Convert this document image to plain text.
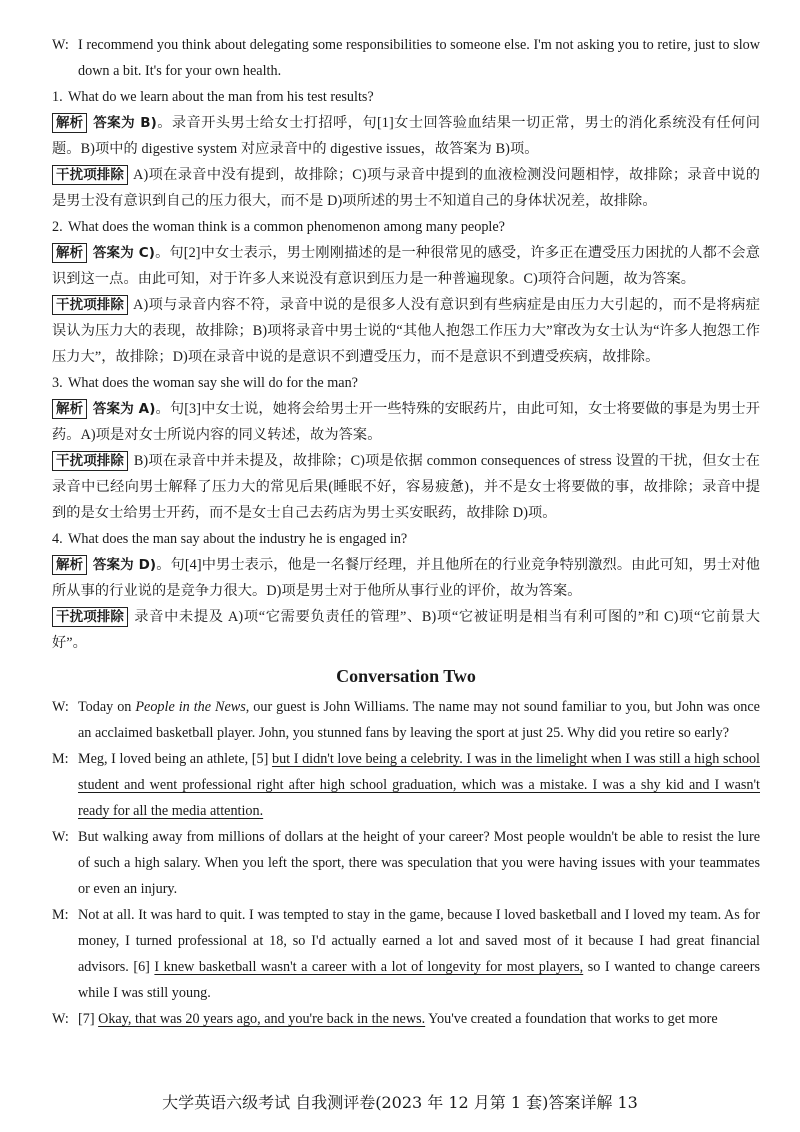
W: I recommend you think about delegating some responsibilities to someone else. I'm not asking you to retire, just to slow down a bit. It's for your own health.

1. What do we learn about the man from his test results?

解析 答案为 B)。录音开头男士给女士打招呼，句[1]女士回答验血结果一切正常，男士的消化系统没有任何问题。B)项中的 digestive system 对应录音中的 digestive issues，故答案为 B)项。

干扰项排除 A)项在录音中没有提到，故排除；C)项与录音中提到的血液检测没问题相悖，故排除；录音中说的是男士没有意识到自己的压力很大，而不是 D)项所述的男士不知道自己的身体状况差，故排除。

2. What does the woman think is a common phenomenon among many people?

解析 答案为 C)。句[2]中女士表示，男士刚刚描述的是一种很常见的感受，许多正在遭受压力困扰的人都不会意识到这一点。由此可知，对于许多人来说没有意识到压力是一种普遍现象。C)项符合问题，故为答案。

干扰项排除 A)项与录音内容不符，录音中说的是很多人没有意识到有些病症是由压力大引起的，而不是将病症误认为压力大的表现，故排除；B)项将录音中男士说的“其他人抱怨工作压力大”窜改为女士认为“许多人抱怨工作压力大”，故排除；D)项在录音中说的是意识不到遭受压力，而不是意识不到遭受疾病，故排除。

3. What does the woman say she will do for the man?

解析 答案为 A)。句[3]中女士说，她将会给男士开一些特殊的安眠药片，由此可知，女士将要做的事是为男士开药。A)项是对女士所说内容的同义转述，故为答案。

干扰项排除 B)项在录音中并未提及，故排除；C)项是依据 common consequences of stress 设置的干扰，但女士在录音中已经向男士解释了压力大的常见后果(睡眠不好，容易疲惫)，并不是女士将要做的事，故排除；录音中提到的是女士给男士开药，而不是女士自己去药店为男士买安眠药，故排除 D)项。

4. What does the man say about the industry he is engaged in?

解析 答案为 D)。句[4]中男士表示，他是一名餐厅经理，并且他所在的行业竞争特别激烈。由此可知，男士对他所从事的行业说的是竞争力很大。D)项是男士对于他所从事行业的评价，故为答案。

干扰项排除 录音中未提及 A)项“它需要负责任的管理”、B)项“它被证明是相当有利可图的”和 C)项“它前景大好”。

Conversation Two

W: Today on People in the News, our guest is John Williams. The name may not sound familiar to you, but John was once an acclaimed basketball player. John, you stunned fans by leaving the sport at just 25. Why did you retire so early?

M: Meg, I loved being an athlete, [5] but I didn't love being a celebrity. I was in the limelight when I was still a high school student and went professional right after high school graduation, which was a mistake. I was a shy kid and I wasn't ready for all the media attention.

W: But walking away from millions of dollars at the height of your career? Most people wouldn't be able to resist the lure of such a high salary. When you left the sport, there was speculation that you were having issues with your teammates or even an injury.

M: Not at all. It was hard to quit. I was tempted to stay in the game, because I loved basketball and I loved my team. As for money, I turned professional at 18, so I'd actually earned a lot and saved most of it because I had great financial advisors. [6] I knew basketball wasn't a career with a lot of longevity for most players, so I wanted to change careers while I was still young.

W: [7] Okay, that was 20 years ago, and you're back in the news. You've created a foundation that works to get more

大学英语六级考试 自我测评卷(2023 年 12 月第 1 套)答案详解 13
